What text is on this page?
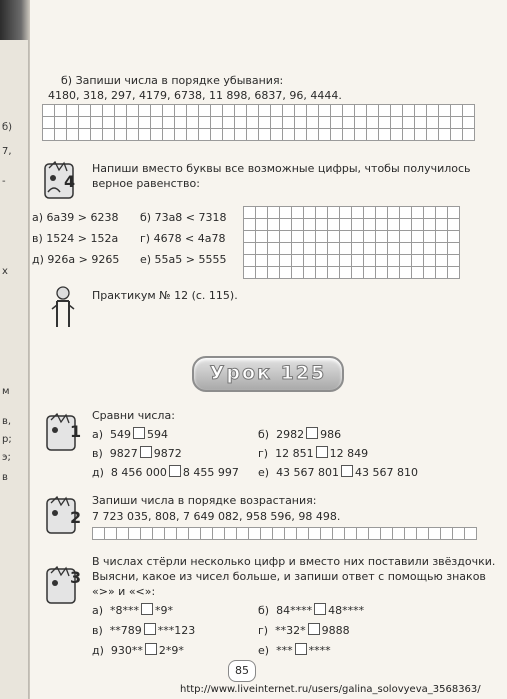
б)
7,
-
х
м
в,
р;
э;
в
б) Запиши числа в порядке убывания:
4180, 318, 297, 4179, 6738, 11 898, 6837, 96, 4444.
4
Напиши вместо буквы все возможные цифры, чтобы получилось
верное равенство:
а) 6a39 > 6238 б) 73a8 < 7318
в) 1524 > 152a г) 4678 < 4a78
д) 926a > 9265 е) 55a5 > 5555
Практикум № 12 (с. 115).
Урок 125
1
Сравни числа:
а) 549 594	б) 2982 986
в) 9827 9872	г) 12 851 12 849
д) 8 456 000 8 455 997 е) 43 567 801 43 567 810
2
Запиши числа в порядке возрастания:
7 723 035, 808, 7 649 082, 958 596, 98 498.
3
В числах стёрли несколько цифр и вместо них поставили звёздочки.
Выясни, какое из чисел больше, и запиши ответ с помощью знаков
«>» и «<»:
а) *8*** *9*	б) 84**** 48****
в) **789 ***123	г) **32* 9888
д) 930** 2*9*	е) *** ****
85
http://www.liveinternet.ru/users/galina_solovyeva_3568363/
